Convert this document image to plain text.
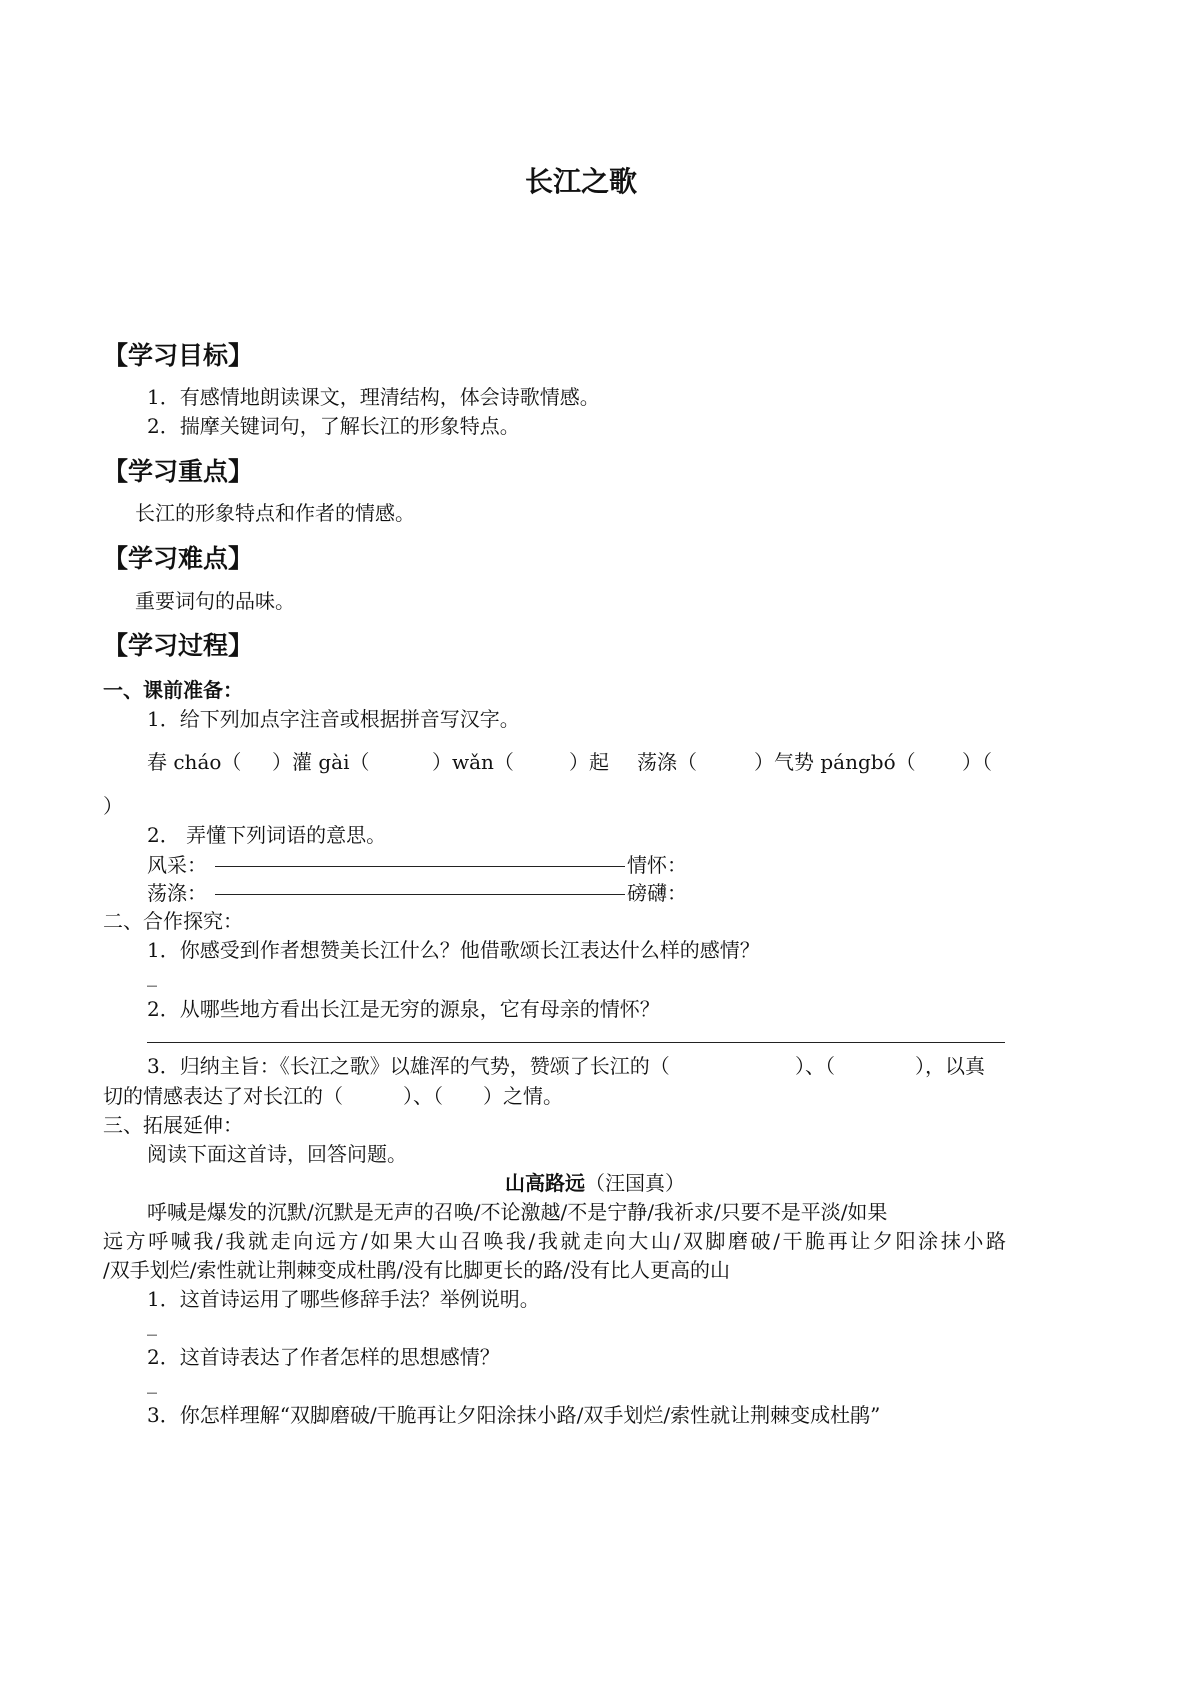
长江之歌
【学习目标】
1．有感情地朗读课文，理清结构，体会诗歌情感。
2．揣摩关键词句，了解长江的形象特点。
【学习重点】
长江的形象特点和作者的情感。
【学习难点】
重要词句的品味。
【学习过程】
一、课前准备：
1．给下列加点字注音或根据拼音写汉字。
春 cháo（ ）灌 gài（	）wǎn（	）起 荡涤（	）气势 pángbó（ ）（
）
2． 弄懂下列词语的意思。
风采：	情怀：
荡涤：	磅礴：
二、合作探究：
1．你感受到作者想赞美长江什么？他借歌颂长江表达什么样的感情？
_
2．从哪些地方看出长江是无穷的源泉，它有母亲的情怀？
3．归纳主旨：《长江之歌》以雄浑的气势，赞颂了长江的（	）、（	），以真
切的情感表达了对长江的（　　　）、（　　）之情。
三、拓展延伸：
阅读下面这首诗，回答问题。
山高路远（汪国真）
呼喊是爆发的沉默/沉默是无声的召唤/不论激越/不是宁静/我祈求/只要不是平淡/如果
远方呼喊我/我就走向远方/如果大山召唤我/我就走向大山/双脚磨破/干脆再让夕阳涂抹小路
/双手划烂/索性就让荆棘变成杜鹃/没有比脚更长的路/没有比人更高的山
1．这首诗运用了哪些修辞手法？举例说明。
_
2．这首诗表达了作者怎样的思想感情？
_
3．你怎样理解“双脚磨破/干脆再让夕阳涂抹小路/双手划烂/索性就让荆棘变成杜鹃”
